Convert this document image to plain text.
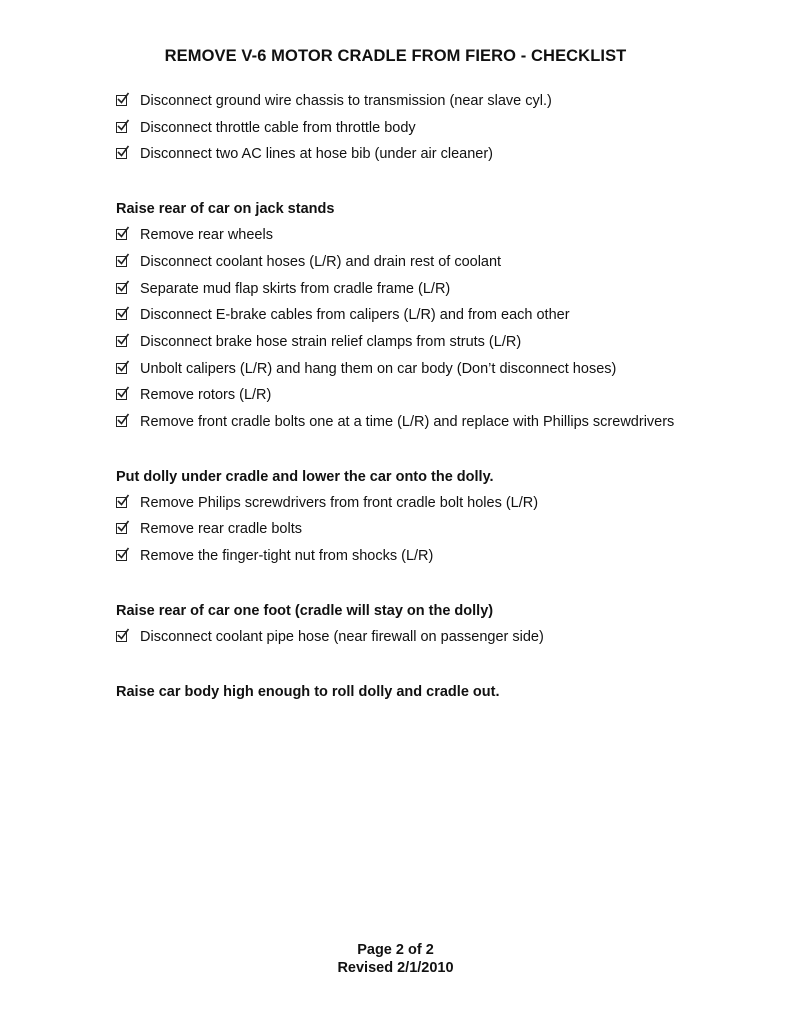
REMOVE V-6 MOTOR CRADLE FROM FIERO - CHECKLIST
Disconnect ground wire chassis to transmission (near slave cyl.)
Disconnect throttle cable from throttle body
Disconnect two AC lines at hose bib (under air cleaner)
Raise rear of car on jack stands
Remove rear wheels
Disconnect coolant hoses (L/R) and drain rest of coolant
Separate mud flap skirts from cradle frame (L/R)
Disconnect E-brake cables from calipers (L/R) and from each other
Disconnect brake hose strain relief clamps from struts (L/R)
Unbolt calipers (L/R) and hang them on car body (Don’t disconnect hoses)
Remove rotors (L/R)
Remove front cradle bolts one at a time (L/R) and replace with Phillips screwdrivers
Put dolly under cradle and lower the car onto the dolly.
Remove Philips screwdrivers from front cradle bolt holes (L/R)
Remove rear cradle bolts
Remove the finger-tight nut from shocks (L/R)
Raise rear of car one foot (cradle will stay on the dolly)
Disconnect coolant pipe hose (near firewall on passenger side)
Raise car body high enough to roll dolly and cradle out.
Page 2 of 2
Revised 2/1/2010
